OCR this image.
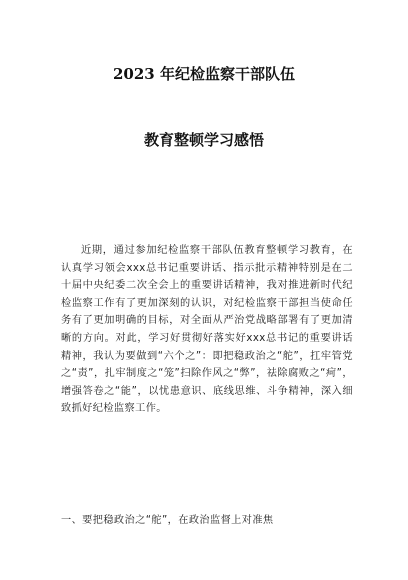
2023 年纪检监察干部队伍
教育整顿学习感悟

近期，通过参加纪检监察干部队伍教育整顿学习教育，在认真学习领会xxx总书记重要讲话、指示批示精神特别是在二十届中央纪委二次全会上的重要讲话精神，我对推进新时代纪检监察工作有了更加深刻的认识，对纪检监察干部担当使命任务有了更加明确的目标，对全面从严治党战略部署有了更加清晰的方向。对此，学习好贯彻好落实好xxx总书记的重要讲话精神，我认为要做到“六个之”：即把稳政治之“舵”，扛牢管党之“责”，扎牢制度之“笼”扫除作风之“弊”，祛除腐败之“疴”，增强答卷之“能”，以忧患意识、底线思维、斗争精神，深入细致抓好纪检监察工作。

一、要把稳政治之“舵”，在政治监督上对准焦
